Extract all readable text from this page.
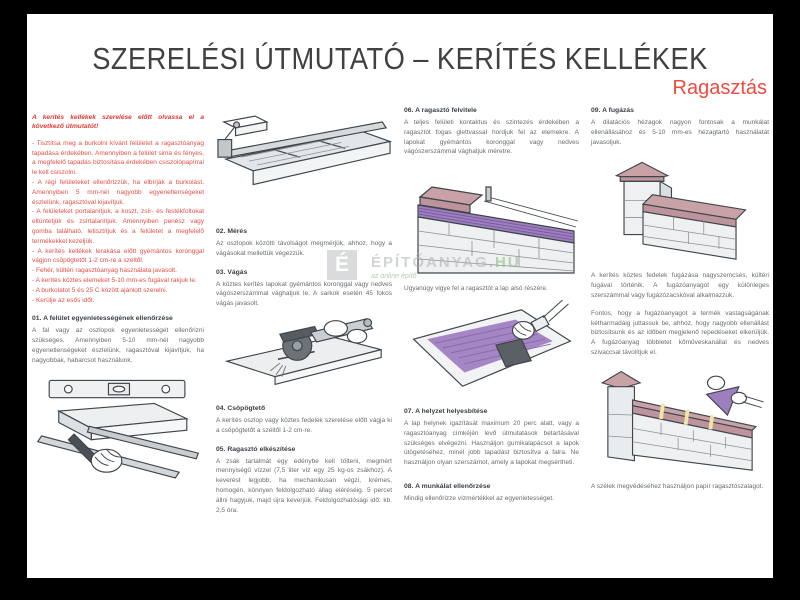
SZERELÉSI ÚTMUTATÓ – KERÍTÉS KELLÉKEK
Ragasztás

A kerítés kellékek szerelése előtt olvassa el a következő útmutatót!

- Tisztítsa meg a burkolni kívánt felületet a ragasztóanyag tapadása érdekében. Amennyiben a felület sima és fényes, a megfelelő tapadás biztosítása érdekében csiszolópapírral le kell csiszolni.

- A régi felületeket ellenőrizzük, ha elbírják a burkolást. Amennyiben 5 mm-nél nagyobb egyenetlenségeket észlelünk, ragasztóval kijavítjuk.

- A felületeket portalanítjuk, a koszt, zsír- és festékfoltokat eltüntetjük és zsírtalanítjuk. Amennyiben penész vagy gomba található, letisztítjuk és a felületet a megfelelő termékekkel kezeljük.

- A kerítés kellékek lerakása előtt gyémántos koronggal vágjon csöpögtetőt 1-2 cm-re a széltől.

- Fehér, kültéri ragasztóanyag használata javasolt.

- A kerítés köztes elemeket 5-10 mm-es fugával rakjuk le.

- A burkolatot 5 és 25 C között ajánlott szerelni.

- Kerülje az esős időt.

01. A felület egyenletességének ellenőrzése

A fal vagy az oszlopok egyenletességét ellenőrizni szükséges. Amennyiben 5-10 mm-nél nagyobb egyenetlenségeket észlelünk, ragasztóval kijavítjuk, ha nagyobbak, habarcsot használunk.

02. Mérés

Az oszlopok közötti távolságot megmérjük, ahhoz, hogy a vágásokat mellettük végezzük.

03. Vágás

A köztes kerítés lapokat gyémántos koronggal vagy nedves vágószerszámmal vághatjuk le. A sarkok esetén 45 fokos vágás javasolt.

04. Csöpögtető

A kerítés oszlop vagy köztes fedelek szerelése előtt vágja ki a csöpögtetőt a széltől 1-2 cm-re.

05. Ragasztó elkészítése

A zsák tartalmát egy edénybe kell tölteni, megmért mennyiségű vízzel (7,5 liter víz egy 25 kg-os zsákhoz). A keverést legjobb, ha mechanikusan végzi, krémes, homogén, könnyen feldolgozható állag eléréséig. 5 percet állni hagyjuk, majd újra keverjük. Feldolgozhatósági idő: kb. 2,5 óra.

06. A ragasztó felvitele

A teljes felületi kontaktus és szintezés érdekében a ragasztót fogas glettvassal hordjuk fel az elemekre. A lapokat gyémántos koronggal vagy nedves vágószerszámmal vághatjuk méretre.

Ugyanúgy vigye fel a ragasztót a lap alsó részére.

07. A helyzet helyesbítése

A lap helynek igazítását maximum 20 perc alatt, vagy a ragasztóanyag címkéjén levő útmutatások betartásával szükséges elvégezni. Használjon gumikalapácsot a lapok ütögetéséhez, minél jobb tapadást biztosítva a falra. Ne használjon olyan szerszámot, amely a lapokat megsértheti.

08. A munkálat ellenőrzése

Mindig ellenőrizze vízmértékkel az egyenletességet.

09. A fugázás

A dilatációs hézagok nagyon fontosak a munkálat ellenállásához és 5-10 mm-es hézagtartó használatát javasoljuk.

A kerítés köztes fedelek fugázása nagyszemcsés, kültéri fugával történik. A fugázóanyagot egy különleges szerszámmal vagy fugázózacskóval alkalmazzuk.

Fontos, hogy a fugázóanyagot a termék vastagságának kétharmadáig juttassuk be, ahhoz, hogy nagyobb ellenállást biztosítsunk és az időben megjelenő repedéseket elkerüljük. A fugázóanyag többletet kőműveskanállal és nedves szivaccsal távolítjuk el.

A szélek megvédéséhez használjon papír ragasztószalagot.

É	ÉPÍTŐANYAG.HU
az online építő
